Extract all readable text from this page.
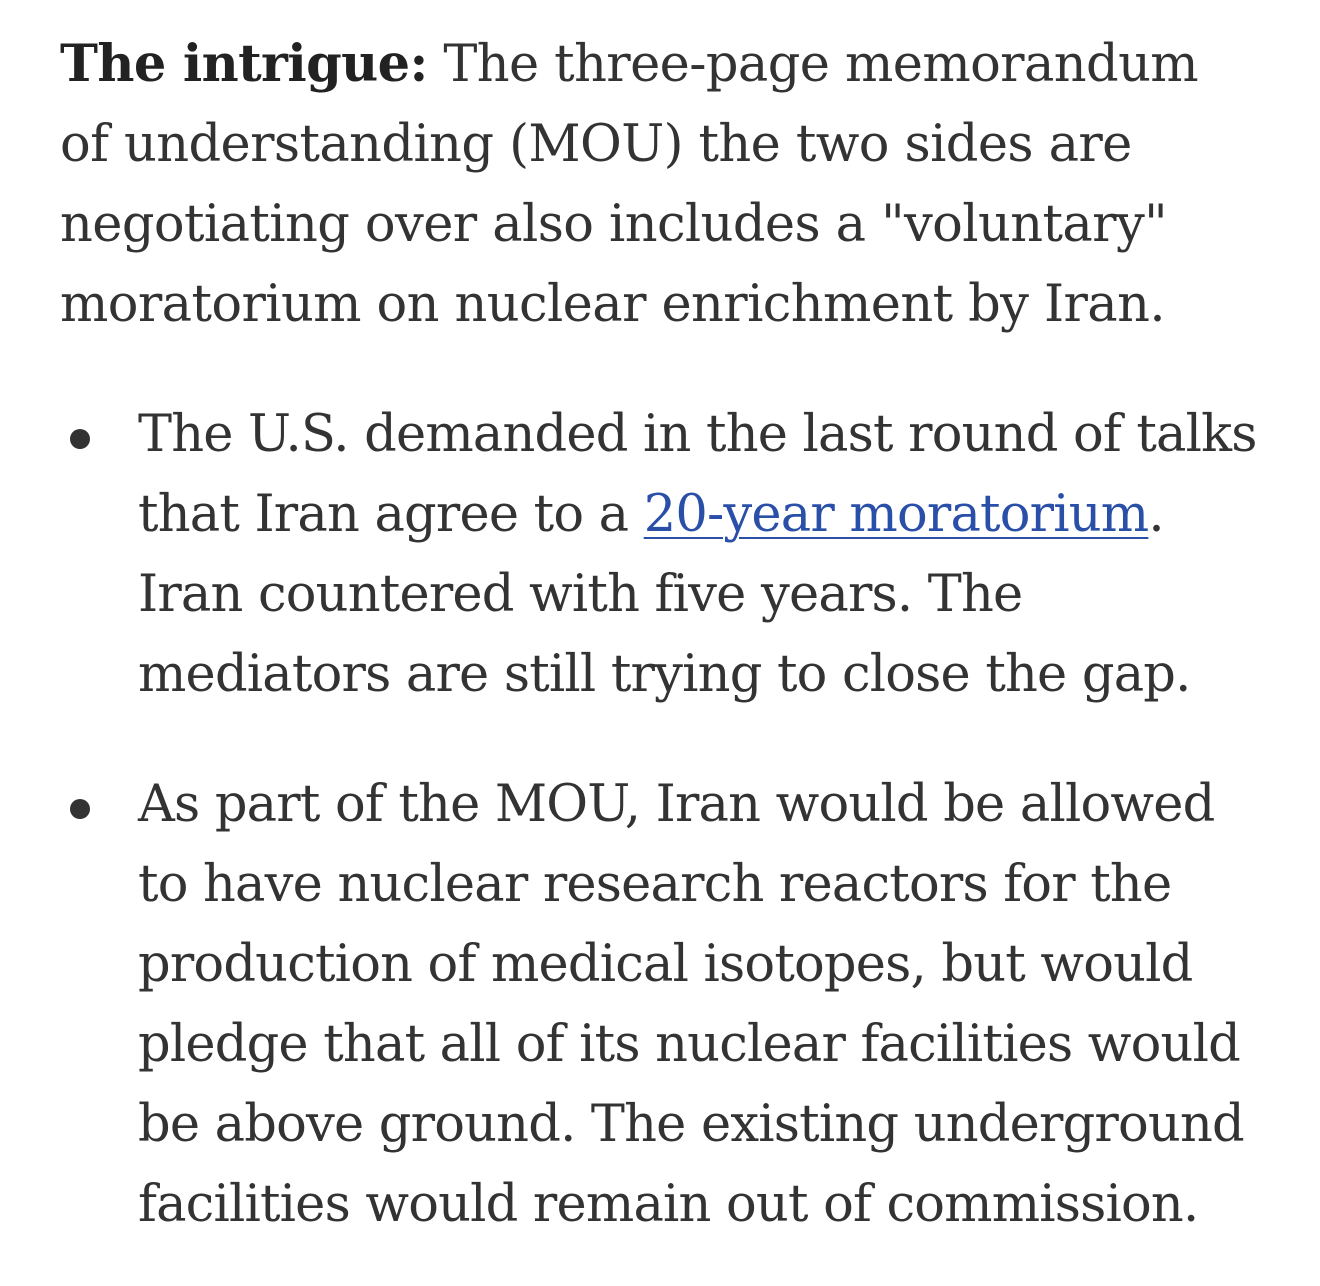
The intrigue: The three-page memorandum of understanding (MOU) the two sides are negotiating over also includes a "voluntary" moratorium on nuclear enrichment by Iran.

The U.S. demanded in the last round of talks that Iran agree to a 20-year moratorium. Iran countered with five years. The mediators are still trying to close the gap.
As part of the MOU, Iran would be allowed to have nuclear research reactors for the production of medical isotopes, but would pledge that all of its nuclear facilities would be above ground. The existing underground facilities would remain out of commission.
